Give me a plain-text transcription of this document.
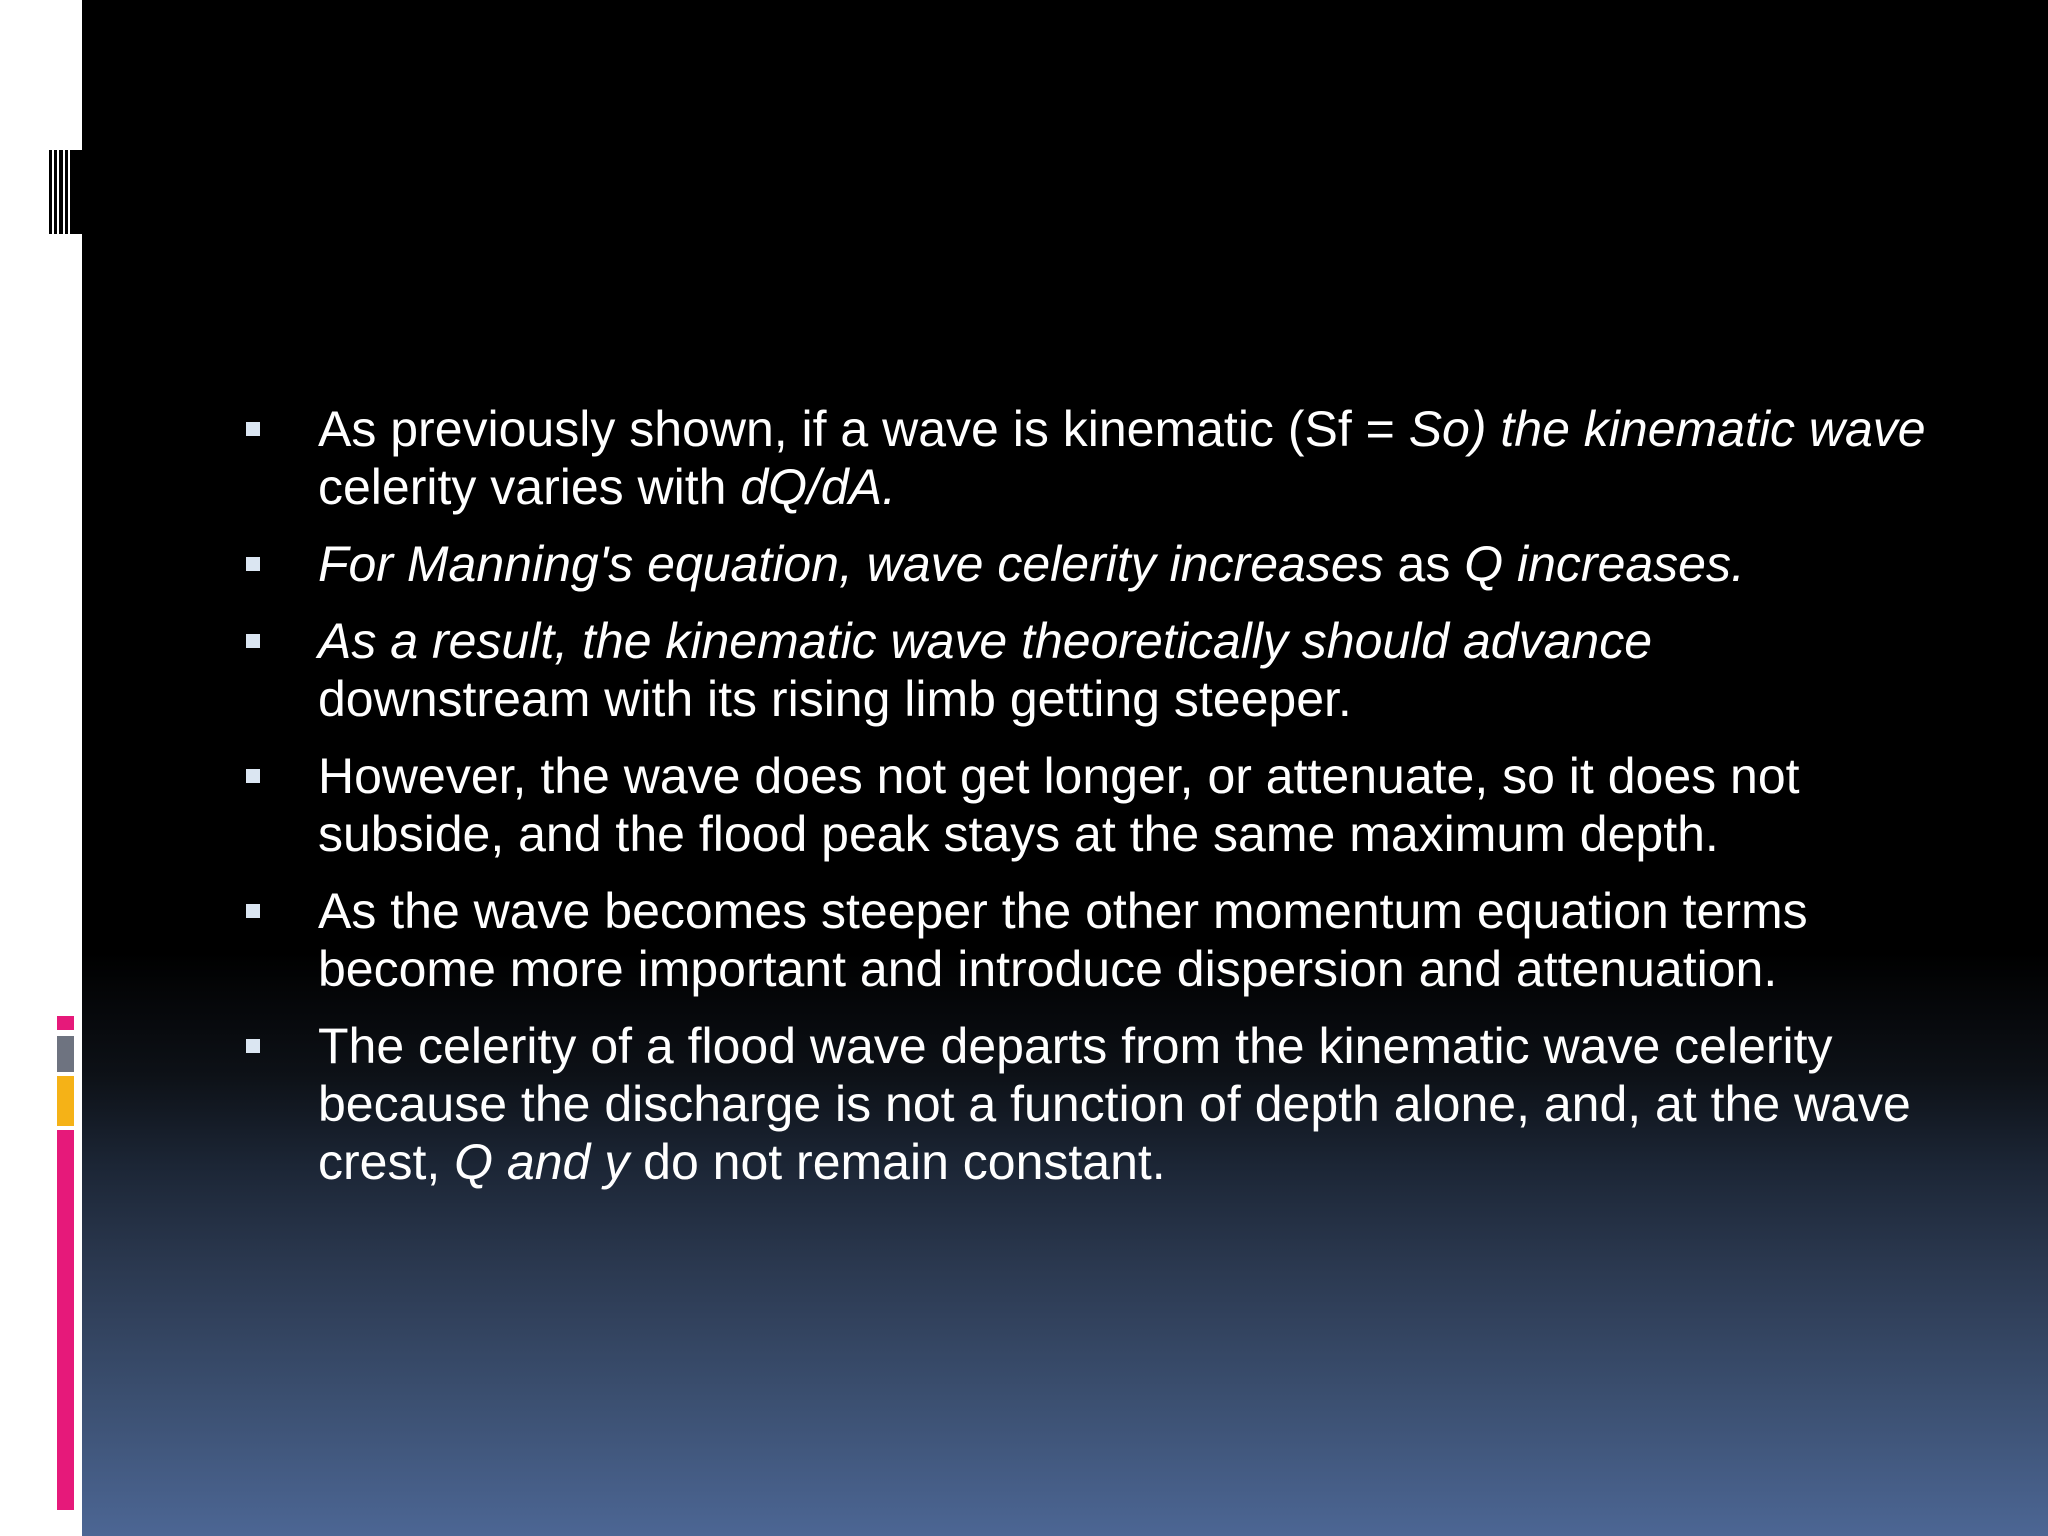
As previously shown, if a wave is kinematic (Sf = So) the kinematic wave celerity varies with dQ/dA.
For Manning's equation, wave celerity increases as Q increases.
As a result, the kinematic wave theoretically should advance downstream with its rising limb getting steeper.
However, the wave does not get longer, or attenuate, so it does not subside, and the flood peak stays at the same maximum depth.
As the wave becomes steeper the other momentum equation terms become more important and introduce dispersion and attenuation.
The celerity of a flood wave departs from the kinematic wave celerity because the discharge is not a function of depth alone, and, at the wave crest, Q and y do not remain constant.
